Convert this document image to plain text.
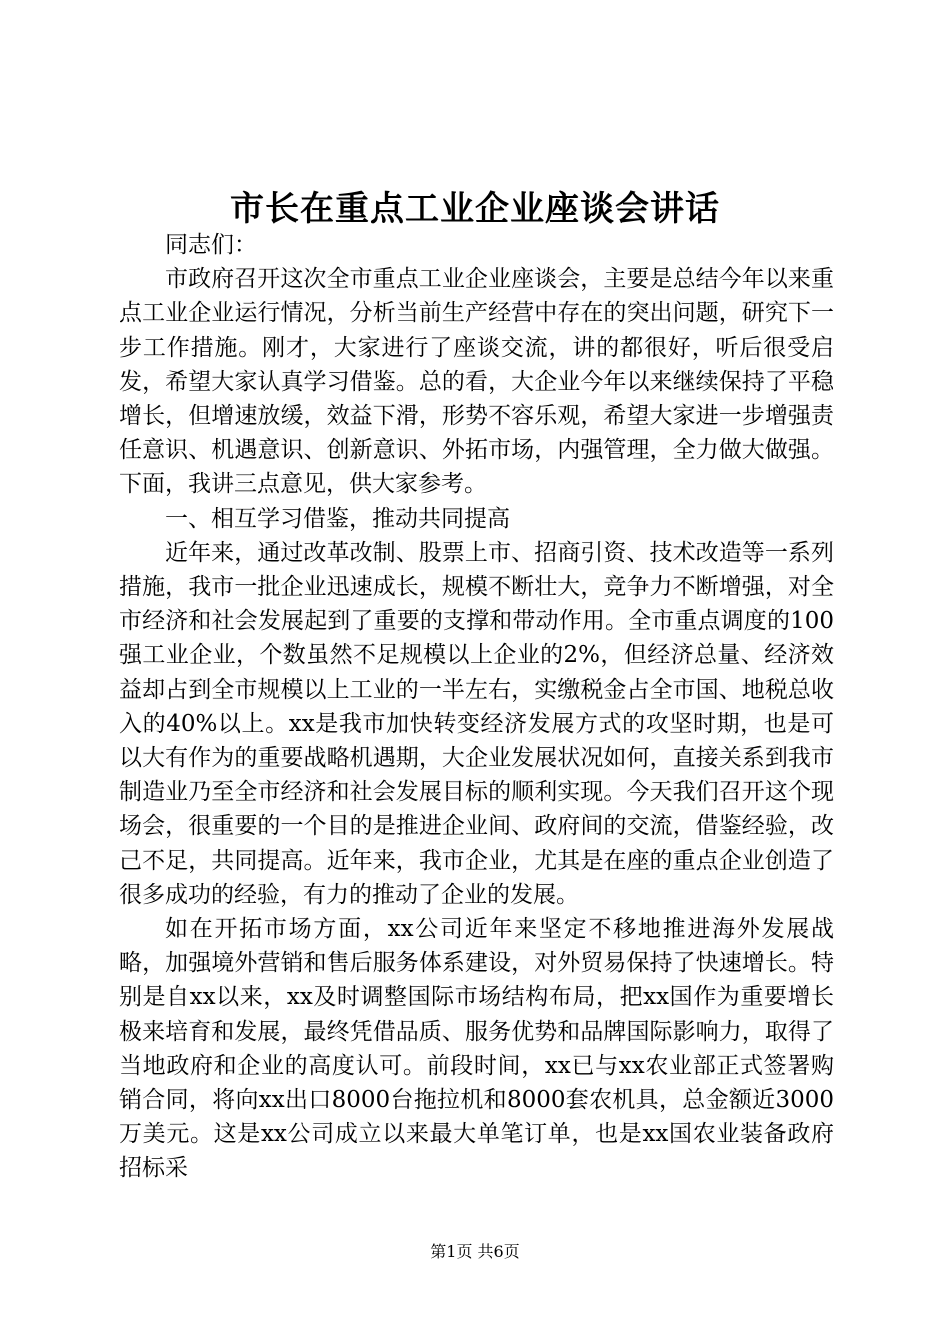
市长在重点工业企业座谈会讲话

同志们：

市政府召开这次全市重点工业企业座谈会，主要是总结今年以来重点工业企业运行情况，分析当前生产经营中存在的突出问题，研究下一步工作措施。刚才，大家进行了座谈交流，讲的都很好，听后很受启发，希望大家认真学习借鉴。总的看，大企业今年以来继续保持了平稳增长，但增速放缓，效益下滑，形势不容乐观，希望大家进一步增强责任意识、机遇意识、创新意识、外拓市场，内强管理，全力做大做强。下面，我讲三点意见，供大家参考。

一、相互学习借鉴，推动共同提高

近年来，通过改革改制、股票上市、招商引资、技术改造等一系列措施，我市一批企业迅速成长，规模不断壮大，竞争力不断增强，对全市经济和社会发展起到了重要的支撑和带动作用。全市重点调度的100强工业企业，个数虽然不足规模以上企业的2%，但经济总量、经济效益却占到全市规模以上工业的一半左右，实缴税金占全市国、地税总收入的40%以上。xx是我市加快转变经济发展方式的攻坚时期，也是可以大有作为的重要战略机遇期，大企业发展状况如何，直接关系到我市制造业乃至全市经济和社会发展目标的顺利实现。今天我们召开这个现场会，很重要的一个目的是推进企业间、政府间的交流，借鉴经验，改己不足，共同提高。近年来，我市企业，尤其是在座的重点企业创造了很多成功的经验，有力的推动了企业的发展。

如在开拓市场方面，xx公司近年来坚定不移地推进海外发展战略，加强境外营销和售后服务体系建设，对外贸易保持了快速增长。特别是自xx以来，xx及时调整国际市场结构布局，把xx国作为重要增长极来培育和发展，最终凭借品质、服务优势和品牌国际影响力，取得了当地政府和企业的高度认可。前段时间，xx已与xx农业部正式签署购销合同，将向xx出口8000台拖拉机和8000套农机具，总金额近3000万美元。这是xx公司成立以来最大单笔订单，也是xx国农业装备政府招标采

第1页 共6页
